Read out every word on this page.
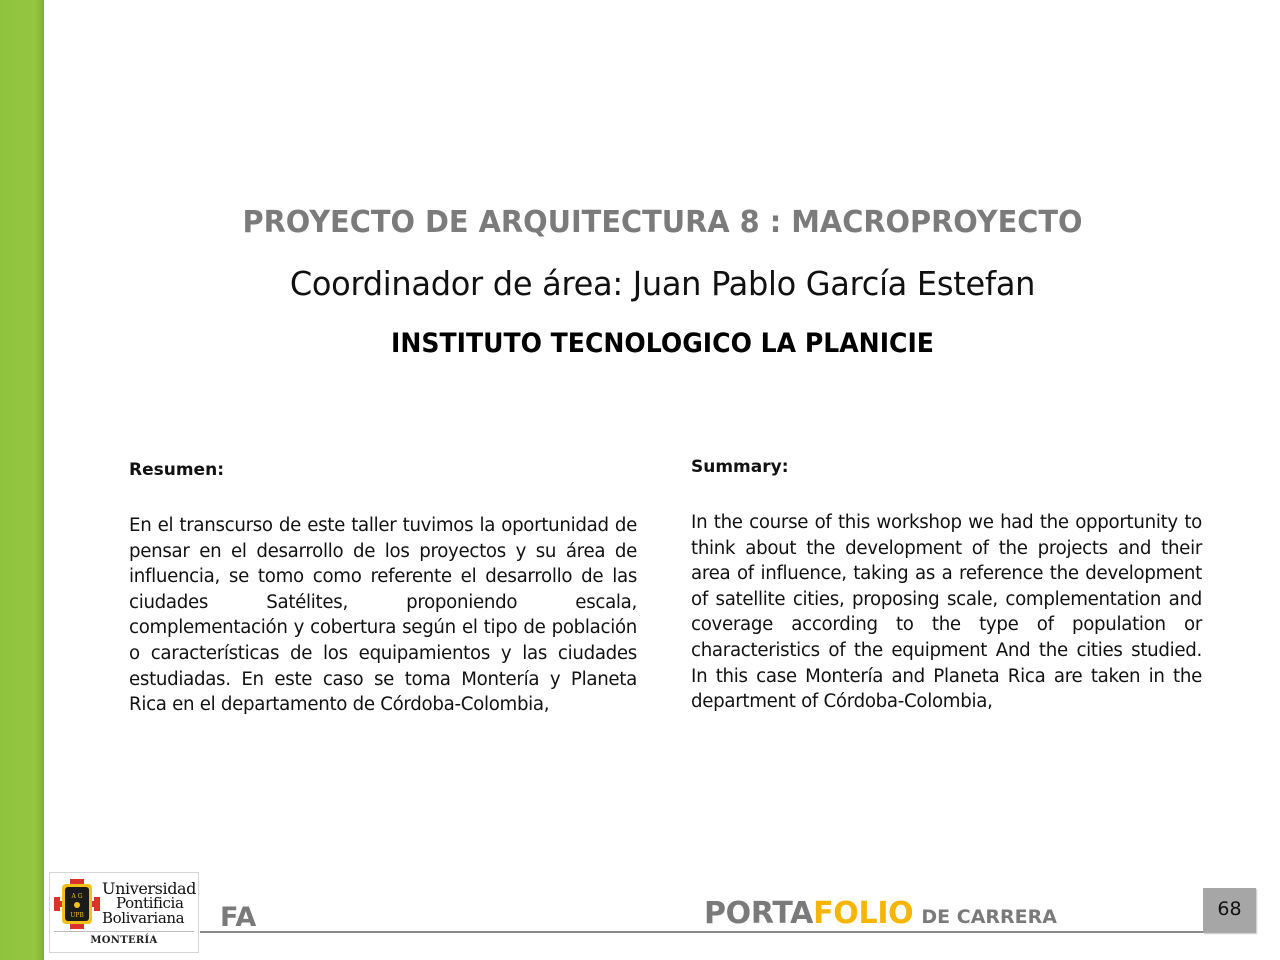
PROYECTO DE ARQUITECTURA 8 : MACROPROYECTO
Coordinador de área: Juan Pablo García Estefan
INSTITUTO TECNOLOGICO LA PLANICIE
Resumen:

En el transcurso de este taller tuvimos la oportunidad de pensar en el desarrollo de los proyectos y su área de influencia, se tomo como referente el desarrollo de las ciudades Satélites, proponiendo escala, complementación y cobertura según el tipo de población o características de los equipamientos y las ciudades estudiadas. En este caso se toma Montería y Planeta Rica en el departamento de Córdoba-Colombia,

Summary:

In the course of this workshop we had the opportunity to think about the development of the projects and their area of influence, taking as a reference the development of satellite cities, proposing scale, complementation and coverage according to the type of population or characteristics of the equipment And the cities studied. In this case Montería and Planeta Rica are taken in the department of Córdoba-Colombia,

A G
UPB
Universidad
Pontificia
Bolivariana
MONTERÍA
FA	PORTAFOLIO DE CARRERA	68
